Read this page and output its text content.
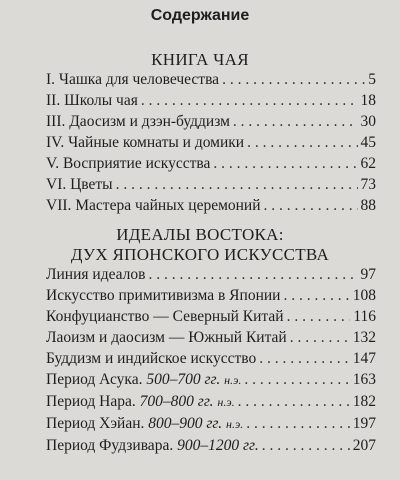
Содержание
КНИГА ЧАЯ
I. Чашка для человечества . . .	5
II. Школы чая . . .	18
III. Даосизм и дзэн-буддизм . . .	30
IV. Чайные комнаты и домики . . .	45
V. Восприятие искусства . . .	62
VI. Цветы . . .	73
VII. Мастера чайных церемоний . . .	88
ИДЕАЛЫ ВОСТОКА:
ДУХ ЯПОНСКОГО ИСКУССТВА
Линия идеалов . . .	97
Искусство примитивизма в Японии . . .	108
Конфуцианство — Северный Китай . . .	116
Лаоизм и даосизм — Южный Китай . . .	132
Буддизм и индийское искусство . . .	147
Период Асука. 500–700 гг. н.э. . . .	163
Период Нара. 700–800 гг. н.э. . . .	182
Период Хэйан. 800–900 гг. н.э. . . .	197
Период Фудзивара. 900–1200 гг. . . .	207
